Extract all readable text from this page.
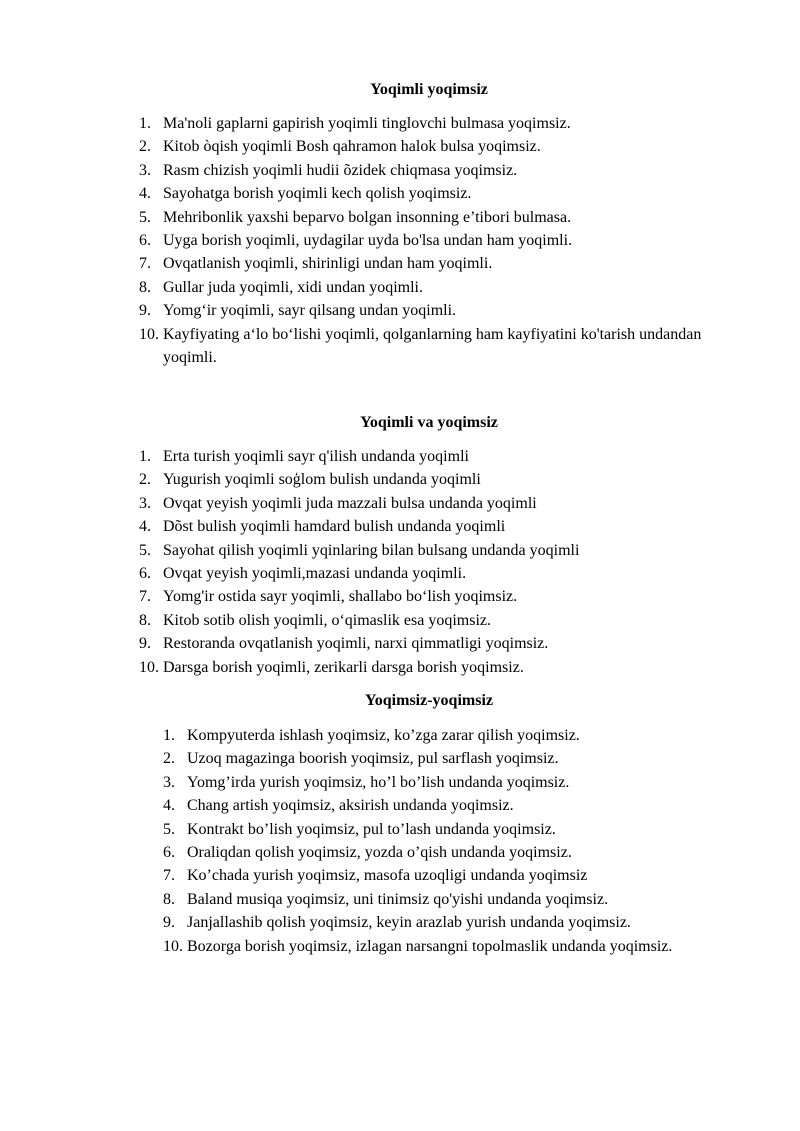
Yoqimli yoqimsiz
1. Ma'noli gaplarni gapirish yoqimli tinglovchi bulmasa yoqimsiz.
2. Kitob òqish yoqimli Bosh qahramon halok bulsa yoqimsiz.
3. Rasm chizish yoqimli hudii õzidek chiqmasa yoqimsiz.
4. Sayohatga borish yoqimli kech qolish yoqimsiz.
5. Mehribonlik yaxshi beparvo bolgan insonning e’tibori bulmasa.
6. Uyga borish yoqimli, uydagilar uyda bo'lsa undan ham yoqimli.
7. Ovqatlanish yoqimli, shirinligi undan ham yoqimli.
8. Gullar juda yoqimli, xidi undan yoqimli.
9. Yomg‘ir yoqimli, sayr qilsang undan yoqimli.
10. Kayfiyating a‘lo bo‘lishi yoqimli, qolganlarning ham kayfiyatini ko'tarish undandan yoqimli.
Yoqimli va yoqimsiz
1. Erta turish yoqimli sayr q'ilish undanda yoqimli
2. Yugurish yoqimli soģlom bulish undanda yoqimli
3. Ovqat yeyish yoqimli juda mazzali bulsa undanda yoqimli
4. Dõst bulish yoqimli hamdard bulish undanda yoqimli
5. Sayohat qilish yoqimli yqinlaring bilan bulsang undanda yoqimli
6. Ovqat yeyish yoqimli,mazasi undanda yoqimli.
7. Yomg'ir ostida sayr yoqimli, shallabo bo‘lish yoqimsiz.
8. Kitob sotib olish yoqimli, o‘qimaslik esa yoqimsiz.
9. Restoranda ovqatlanish yoqimli, narxi qimmatligi yoqimsiz.
10. Darsga borish yoqimli, zerikarli darsga borish yoqimsiz.
Yoqimsiz-yoqimsiz
1. Kompyuterda ishlash yoqimsiz, ko’zga zarar qilish yoqimsiz.
2. Uzoq magazinga boorish yoqimsiz, pul sarflash yoqimsiz.
3. Yomg’irda yurish yoqimsiz, ho’l bo’lish undanda yoqimsiz.
4. Chang artish yoqimsiz, aksirish undanda yoqimsiz.
5. Kontrakt bo’lish yoqimsiz, pul to’lash undanda yoqimsiz.
6. Oraliqdan qolish yoqimsiz, yozda o’qish undanda yoqimsiz.
7. Ko’chada yurish yoqimsiz, masofa uzoqligi undanda yoqimsiz
8. Baland musiqa yoqimsiz, uni tinimsiz qo'yishi undanda yoqimsiz.
9. Janjallashib qolish yoqimsiz, keyin arazlab yurish undanda yoqimsiz.
10. Bozorga borish yoqimsiz, izlagan narsangni topolmaslik undanda yoqimsiz.
